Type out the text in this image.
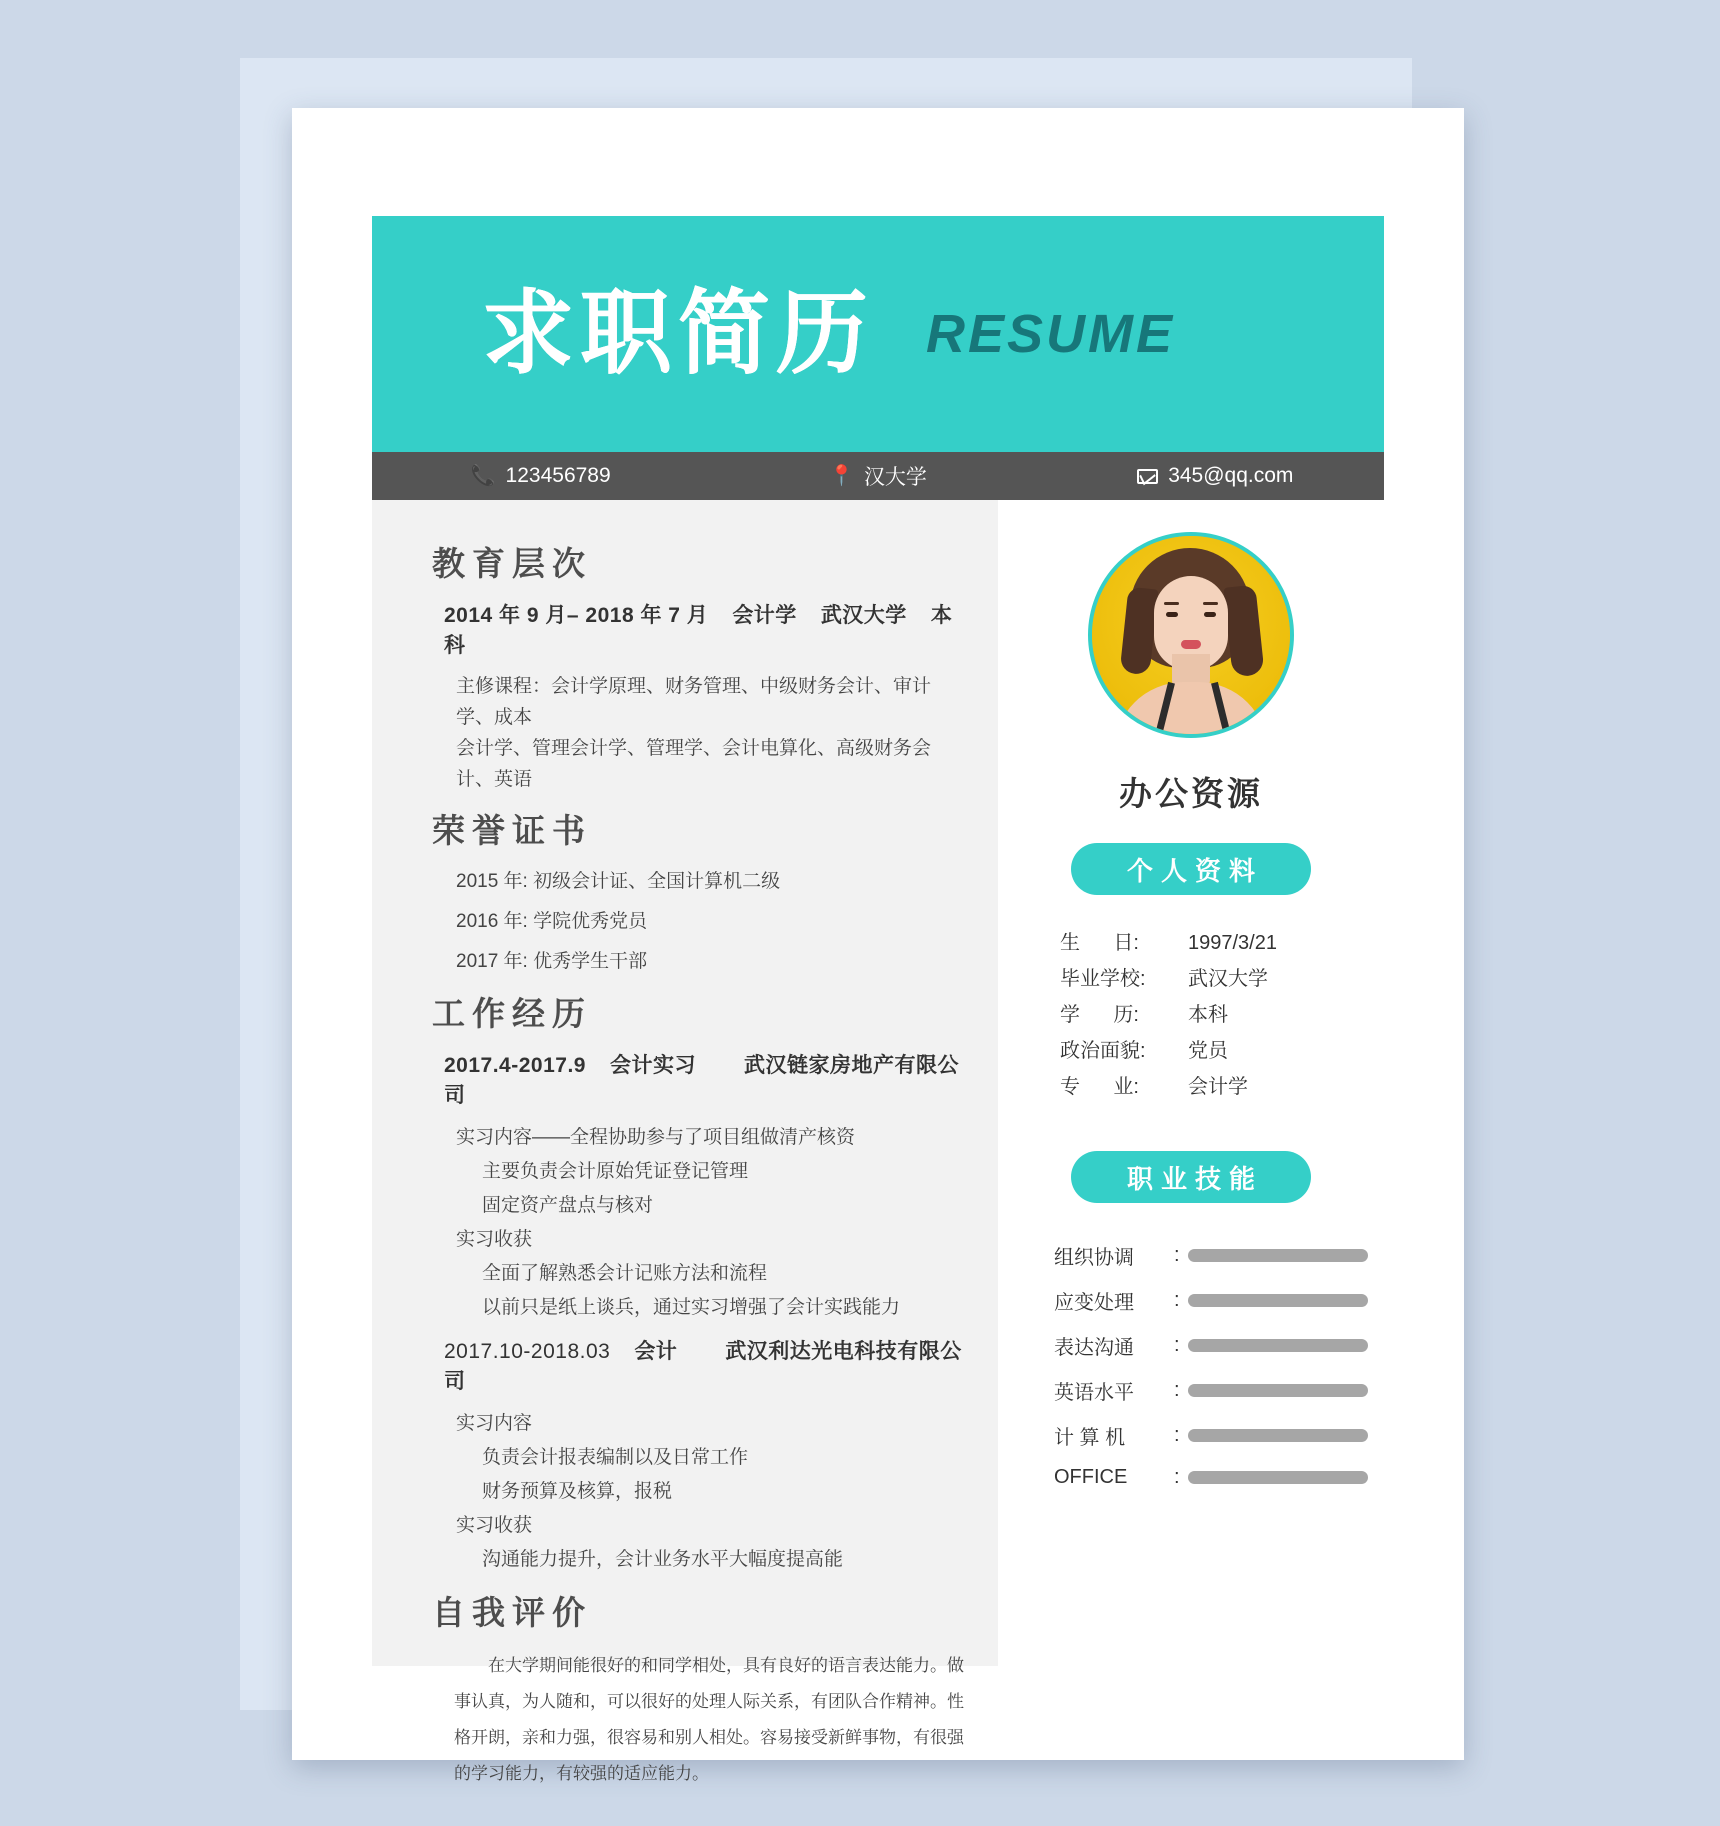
求职简历 RESUME
📞 123456789	📍 汉大学	345@qq.com
教育层次
2014 年 9 月– 2018 年 7 月 会计学 武汉大学 本科

主修课程：会计学原理、财务管理、中级财务会计、审计学、成本

会计学、管理会计学、管理学、会计电算化、高级财务会计、英语

荣誉证书
2015 年: 初级会计证、全国计算机二级
2016 年: 学院优秀党员
2017 年: 优秀学生干部
工作经历
2017.4-2017.9 会计实习 武汉链家房地产有限公司

实习内容——全程协助参与了项目组做清产核资

主要负责会计原始凭证登记管理

固定资产盘点与核对

实习收获

全面了解熟悉会计记账方法和流程

以前只是纸上谈兵，通过实习增强了会计实践能力

2017.10-2018.03 会计 武汉利达光电科技有限公司

实习内容

负责会计报表编制以及日常工作

财务预算及核算，报税

实习收获

沟通能力提升，会计业务水平大幅度提高能

自我评价

在大学期间能很好的和同学相处，具有良好的语言表达能力。做事认真，为人随和，可以很好的处理人际关系，有团队合作精神。性格开朗，亲和力强，很容易和别人相处。容易接受新鲜事物，有很强的学习能力，有较强的适应能力。

办公资源
个人资料
生      日:	1997/3/21
毕业学校:	武汉大学
学      历:	本科
政治面貌:	党员
专      业:	会计学
职业技能
组织协调	:
应变处理	:
表达沟通	:
英语水平	:
计 算 机	:
OFFICE	:
